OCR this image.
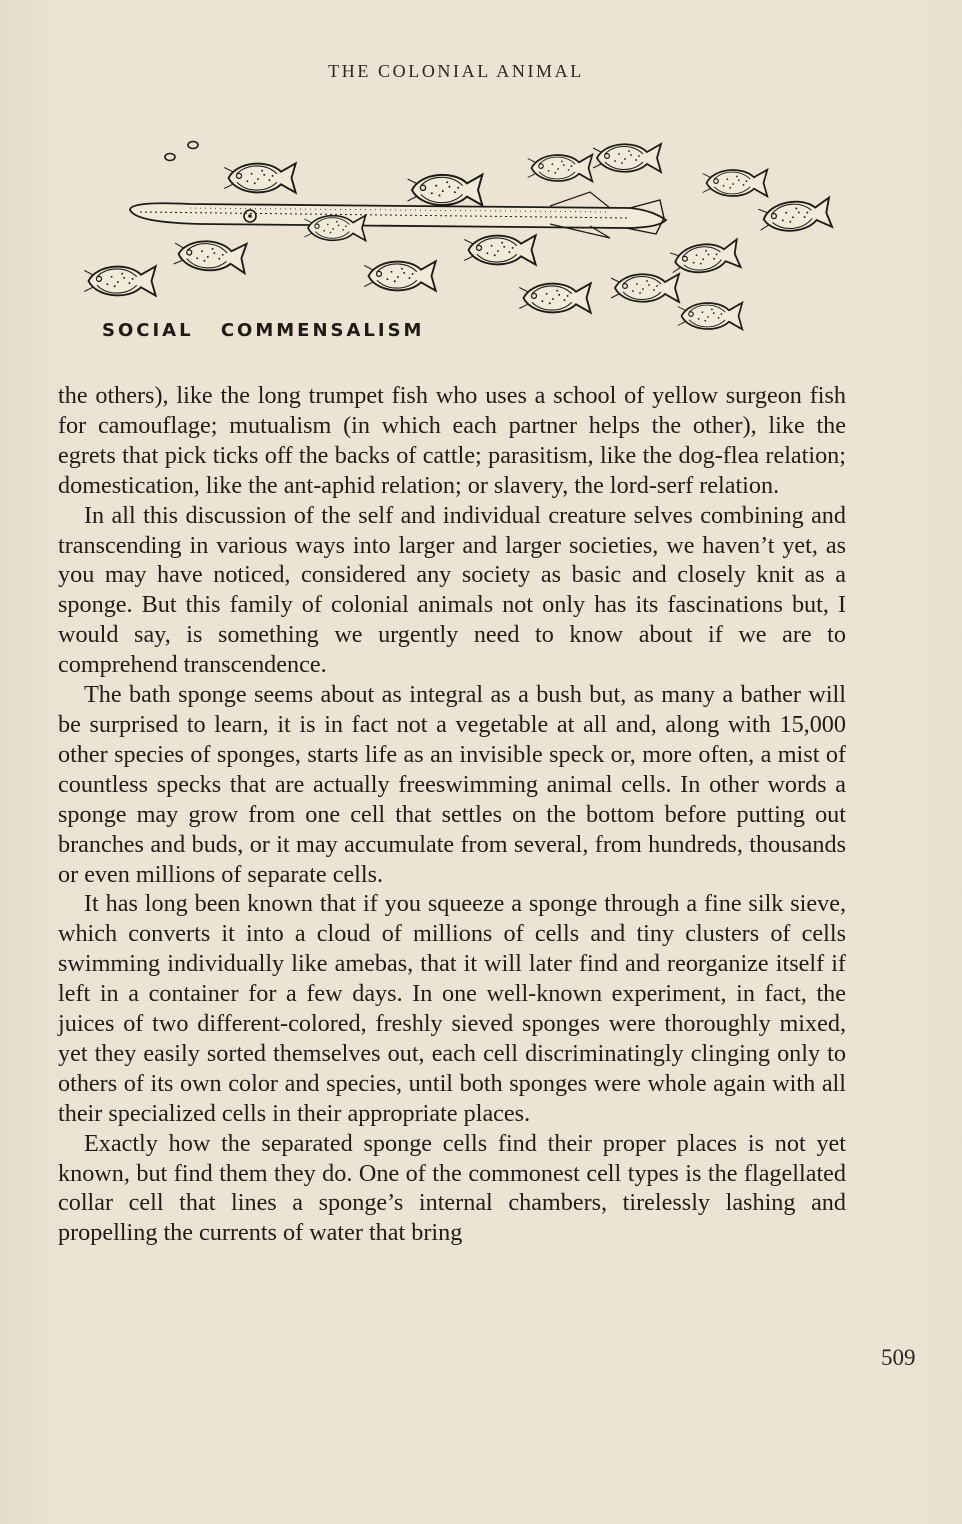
THE COLONIAL ANIMAL
SOCIAL COMMENSALISM

the others), like the long trumpet fish who uses a school of yellow surgeon fish for camouflage; mutualism (in which each partner helps the other), like the egrets that pick ticks off the backs of cattle; parasitism, like the dog-flea relation; domestication, like the ant-aphid relation; or slavery, the lord-serf relation.

In all this discussion of the self and individual creature selves combining and transcending in various ways into larger and larger societies, we haven’t yet, as you may have noticed, considered any society as basic and closely knit as a sponge. But this family of colonial animals not only has its fascinations but, I would say, is something we urgently need to know about if we are to comprehend transcendence.

The bath sponge seems about as integral as a bush but, as many a bather will be surprised to learn, it is in fact not a vegetable at all and, along with 15,000 other species of sponges, starts life as an invisible speck or, more often, a mist of countless specks that are actually freeswimming animal cells. In other words a sponge may grow from one cell that settles on the bottom before putting out branches and buds, or it may accumulate from several, from hundreds, thousands or even millions of separate cells.

It has long been known that if you squeeze a sponge through a fine silk sieve, which converts it into a cloud of millions of cells and tiny clusters of cells swimming individually like amebas, that it will later find and reorganize itself if left in a container for a few days. In one well-known experiment, in fact, the juices of two different-colored, freshly sieved sponges were thoroughly mixed, yet they easily sorted themselves out, each cell discriminatingly clinging only to others of its own color and species, until both sponges were whole again with all their specialized cells in their appropriate places.

Exactly how the separated sponge cells find their proper places is not yet known, but find them they do. One of the commonest cell types is the flagellated collar cell that lines a sponge’s internal chambers, tirelessly lashing and propelling the currents of water that bring

509
